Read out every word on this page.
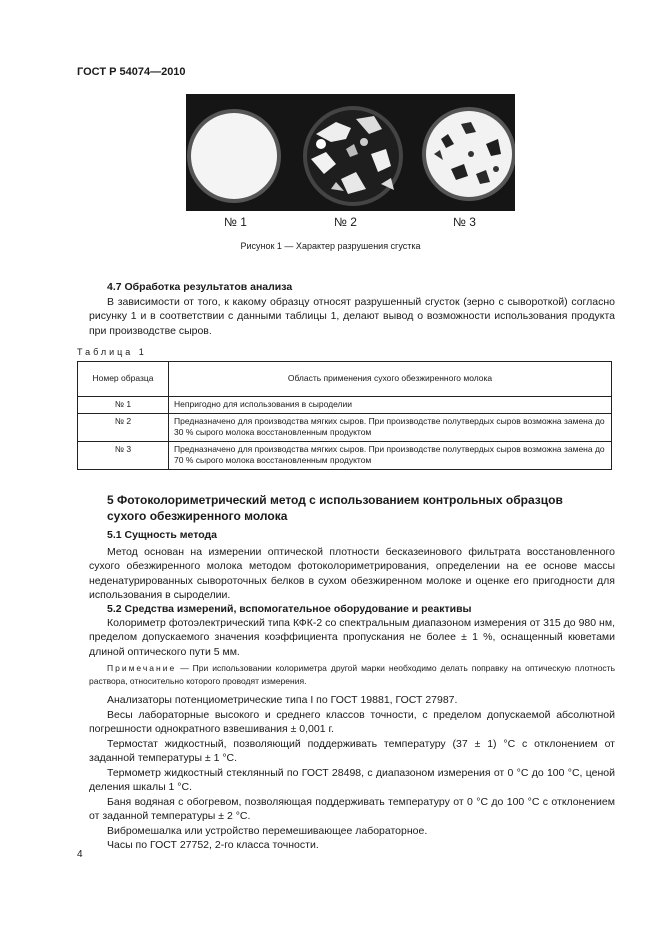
ГОСТ Р 54074—2010
№ 1	№ 2	№ 3
Рисунок 1 — Характер разрушения сгустка
4.7 Обработка результатов анализа

В зависимости от того, к какому образцу относят разрушенный сгусток (зерно с сывороткой) согласно рисунку 1 и в соответствии с данными таблицы 1, делают вывод о возможности использования продукта при производстве сыров.

Таблица 1
Номер образца	Область применения сухого обезжиренного молока
№ 1	Непригодно для использования в сыроделии
№ 2	Предназначено для производства мягких сыров. При производстве полутвердых сыров возможна замена до 30 % сырого молока восстановленным продуктом
№ 3	Предназначено для производства мягких сыров. При производстве полутвердых сыров возможна замена до 70 % сырого молока восстановленным продуктом
5 Фотоколориметрический метод с использованием контрольных образцов сухого обезжиренного молока
5.1 Сущность метода

Метод основан на измерении оптической плотности бесказеинового фильтрата восстановленного сухого обезжиренного молока методом фотоколориметрирования, определении на ее основе массы неденатурированных сывороточных белков в сухом обезжиренном молоке и оценке его пригодности для использования в сыроделии.

5.2 Средства измерений, вспомогательное оборудование и реактивы

Колориметр фотоэлектрический типа КФК-2 со спектральным диапазоном измерения от 315 до 980 нм, пределом допускаемого значения коэффициента пропускания не более ± 1 %, оснащенный кюветами длиной оптического пути 5 мм.

Примечание — При использовании колориметра другой марки необходимо делать поправку на оптическую плотность раствора, относительно которого проводят измерения.

Анализаторы потенциометрические типа I по ГОСТ 19881, ГОСТ 27987.

Весы лабораторные высокого и среднего классов точности, с пределом допускаемой абсолютной погрешности однократного взвешивания ± 0,001 г.

Термостат жидкостный, позволяющий поддерживать температуру (37 ± 1) °С с отклонением от заданной температуры ± 1 °С.

Термометр жидкостный стеклянный по ГОСТ 28498, с диапазоном измерения от 0 °С до 100 °С, ценой деления шкалы 1 °С.

Баня водяная с обогревом, позволяющая поддерживать температуру от 0 °С до 100 °С с отклонением от заданной температуры ± 2 °С.

Вибромешалка или устройство перемешивающее лабораторное.

Часы по ГОСТ 27752, 2-го класса точности.

4
